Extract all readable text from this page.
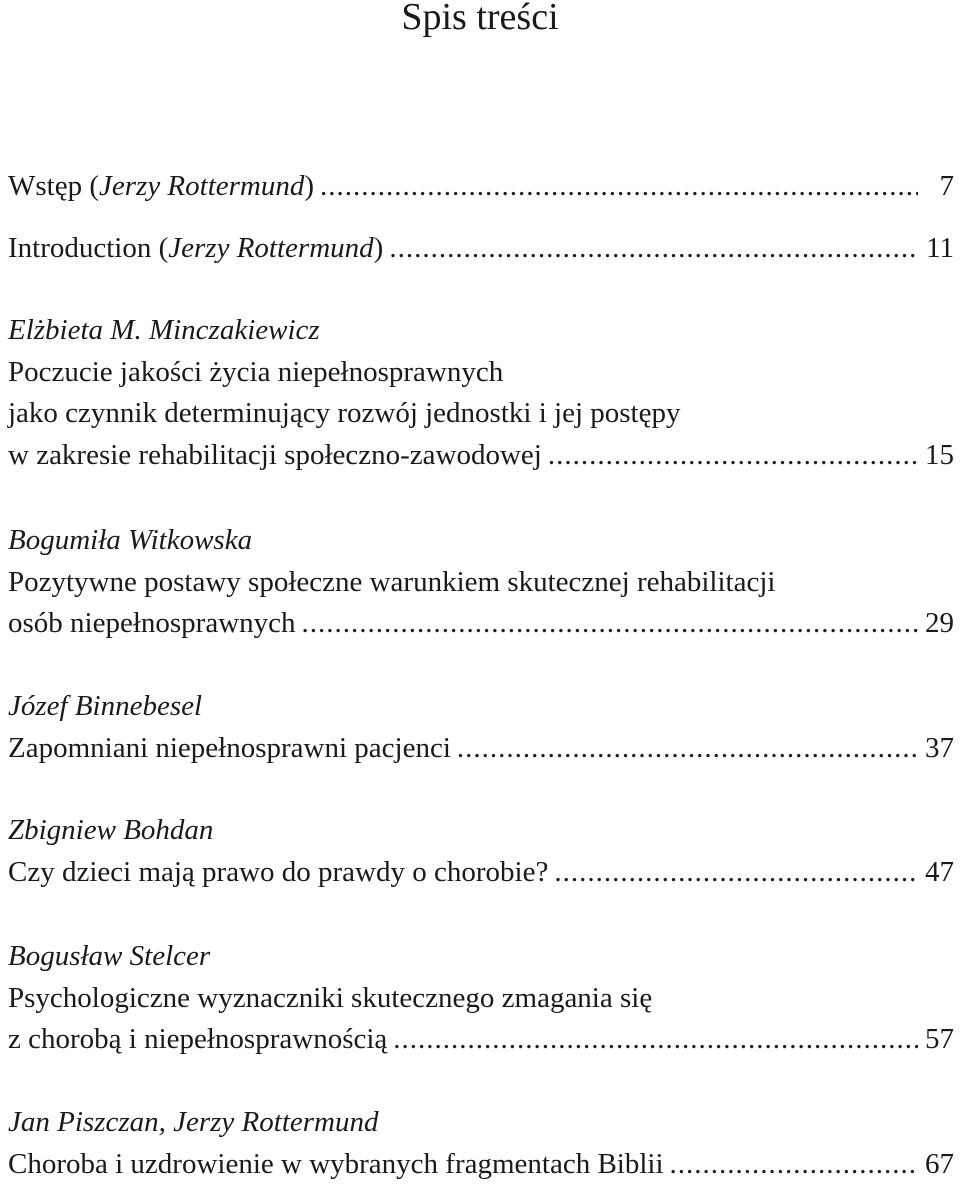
Spis treści
Wstęp (Jerzy Rottermund) .....	7
Introduction (Jerzy Rottermund) .....	11
Elżbieta M. Minczakiewicz
Poczucie jakości życia niepełnosprawnych
jako czynnik determinujący rozwój jednostki i jej postępy
w zakresie rehabilitacji społeczno-zawodowej .....	15
Bogumiła Witkowska
Pozytywne postawy społeczne warunkiem skutecznej rehabilitacji
osób niepełnosprawnych .....	29
Józef Binnebesel
Zapomniani niepełnosprawni pacjenci .....	37
Zbigniew Bohdan
Czy dzieci mają prawo do prawdy o chorobie? .....	47
Bogusław Stelcer
Psychologiczne wyznaczniki skutecznego zmagania się
z chorobą i niepełnosprawnością .....	57
Jan Piszczan, Jerzy Rottermund
Choroba i uzdrowienie w wybranych fragmentach Biblii .....	67
